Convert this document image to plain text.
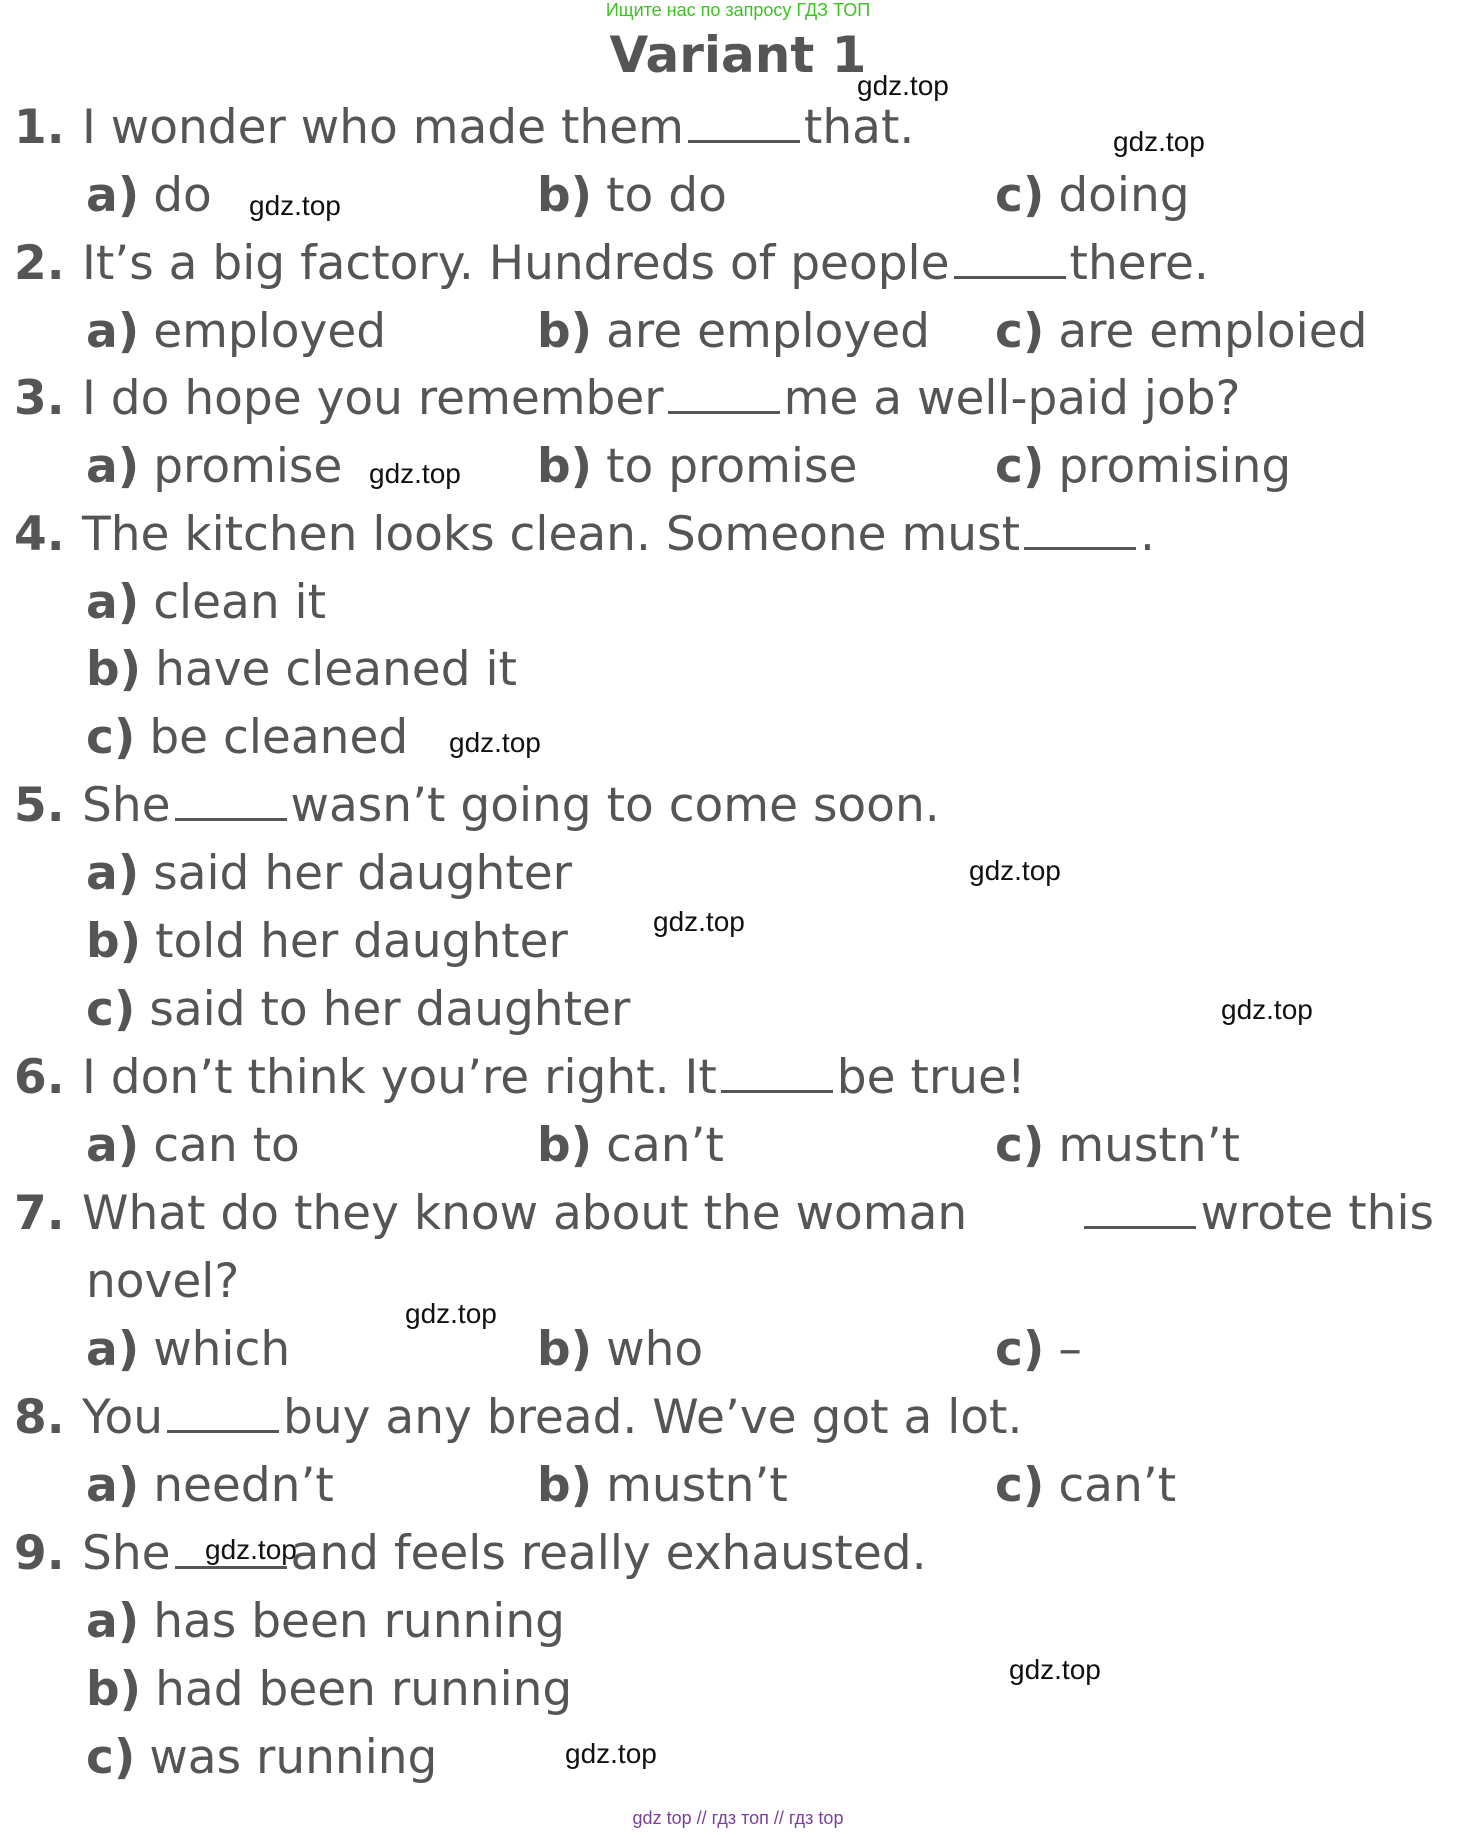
Ищите нас по запросу ГДЗ ТОП
Variant 1
1. I wonder who made them	that.
a) do	b) to do	c) doing
2. It’s a big factory. Hundreds of people	there.
a) employed	b) are employed c) are emploied
3. I do hope you remember	me a well-paid job?
a) promise	b) to promise	c) promising
4. The kitchen looks clean. Someone must	.
a) clean it
b) have cleaned it
c) be cleaned
5. She	wasn’t going to come soon.
a) said her daughter
b) told her daughter
c) said to her daughter
6. I don’t think you’re right. It	be true!
a) can to	b) can’t	c) mustn’t
7. What do they know about the woman	wrote this
novel?
a) which	b) who	c) –
8. You	buy any bread. We’ve got a lot.
a) needn’t	b) mustn’t	c) can’t
9. She	and feels really exhausted.
a) has been running
b) had been running
c) was running
gdz.top
gdz.top
gdz.top
gdz.top
gdz.top
gdz.top
gdz.top
gdz.top
gdz.top
gdz.top
gdz.top
gdz.top
gdz top // гдз топ // гдз top
